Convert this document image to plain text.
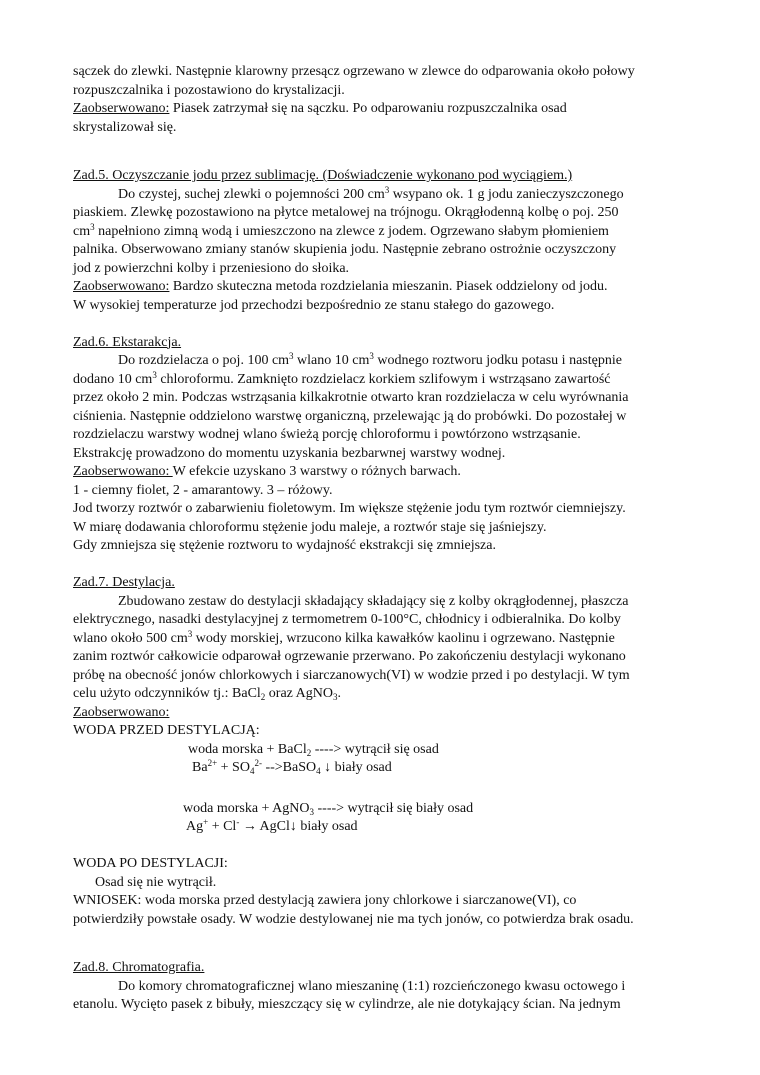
sączek do zlewki. Następnie klarowny przesącz ogrzewano w zlewce do odparowania około połowy
rozpuszczalnika i pozostawiono do krystalizacji.
Zaobserwowano: Piasek zatrzymał się na sączku. Po odparowaniu rozpuszczalnika osad
skrystalizował się.
Zad.5. Oczyszczanie jodu przez sublimację. (Doświadczenie wykonano pod wyciągiem.)
Do czystej, suchej zlewki o pojemności 200 $cm^3$ wsypano ok. 1 g jodu zanieczyszczonego
piaskiem. Zlewkę pozostawiono na płytce metalowej na trójnogu. Okrągłodenną kolbę o poj. 250
$cm^3$ napełniono zimną wodą i umieszczono na zlewce z jodem. Ogrzewano słabym płomieniem
palnika. Obserwowano zmiany stanów skupienia jodu. Następnie zebrano ostrożnie oczyszczony
jod z powierzchni kolby i przeniesiono do słoika.
Zaobserwowano: Bardzo skuteczna metoda rozdzielania mieszanin. Piasek oddzielony od jodu.
W wysokiej temperaturze jod przechodzi bezpośrednio ze stanu stałego do gazowego.
Zad.6. Ekstarakcja.
Do rozdzielacza o poj. 100 $cm^3$ wlano 10 $cm^3$ wodnego roztworu jodku potasu i następnie
dodano 10 $cm^3$ chloroformu. Zamknięto rozdzielacz korkiem szlifowym i wstrząsano zawartość
przez około 2 min. Podczas wstrząsania kilkakrotnie otwarto kran rozdzielacza w celu wyrównania
ciśnienia. Następnie oddzielono warstwę organiczną, przelewając ją do probówki. Do pozostałej w
rozdzielaczu warstwy wodnej wlano świeżą porcję chloroformu i powtórzono wstrząsanie.
Ekstrakcję prowadzono do momentu uzyskania bezbarwnej warstwy wodnej.
Zaobserwowano: W efekcie uzyskano 3 warstwy o różnych barwach.
1 - ciemny fiolet, 2 - amarantowy. 3 – różowy.
Jod tworzy roztwór o zabarwieniu fioletowym. Im większe stężenie jodu tym roztwór ciemniejszy.
W miarę dodawania chloroformu stężenie jodu maleje, a roztwór staje się jaśniejszy.
Gdy zmniejsza się stężenie roztworu to wydajność ekstrakcji się zmniejsza.
Zad.7. Destylacja.
Zbudowano zestaw do destylacji składający składający się z kolby okrągłodennej, płaszcza
elektrycznego, nasadki destylacyjnej z termometrem 0-100°C, chłodnicy i odbieralnika. Do kolby
wlano około 500 $cm^3$ wody morskiej, wrzucono kilka kawałków kaolinu i ogrzewano. Następnie
zanim roztwór całkowicie odparował ogrzewanie przerwano. Po zakończeniu destylacji wykonano
próbę na obecność jonów chlorkowych i siarczanowych(VI) w wodzie przed i po destylacji. W tym
celu użyto odczynników tj.: BaCl$_2$ oraz AgNO$_3$.
Zaobserwowano:
WODA PRZED DESTYLACJĄ:
woda morska + BaCl$_2$ ----> wytrącił się osad
$Ba^{2+} + SO_4^{2-}$ -->BaSO$_4$ ↓ biały osad
woda morska + AgNO$_3$ ----> wytrącił się biały osad
Ag+ + Cl- → AgCl↓ biały osad
WODA PO DESTYLACJI:
Osad się nie wytrącił.
WNIOSEK: woda morska przed destylacją zawiera jony chlorkowe i siarczanowe(VI), co
potwierdziły powstałe osady. W wodzie destylowanej nie ma tych jonów, co potwierdza brak osadu.
Zad.8. Chromatografia.
Do komory chromatograficznej wlano mieszaninę (1:1) rozcieńczonego kwasu octowego i
etanolu. Wycięto pasek z bibuły, mieszczący się w cylindrze, ale nie dotykający ścian. Na jednym
